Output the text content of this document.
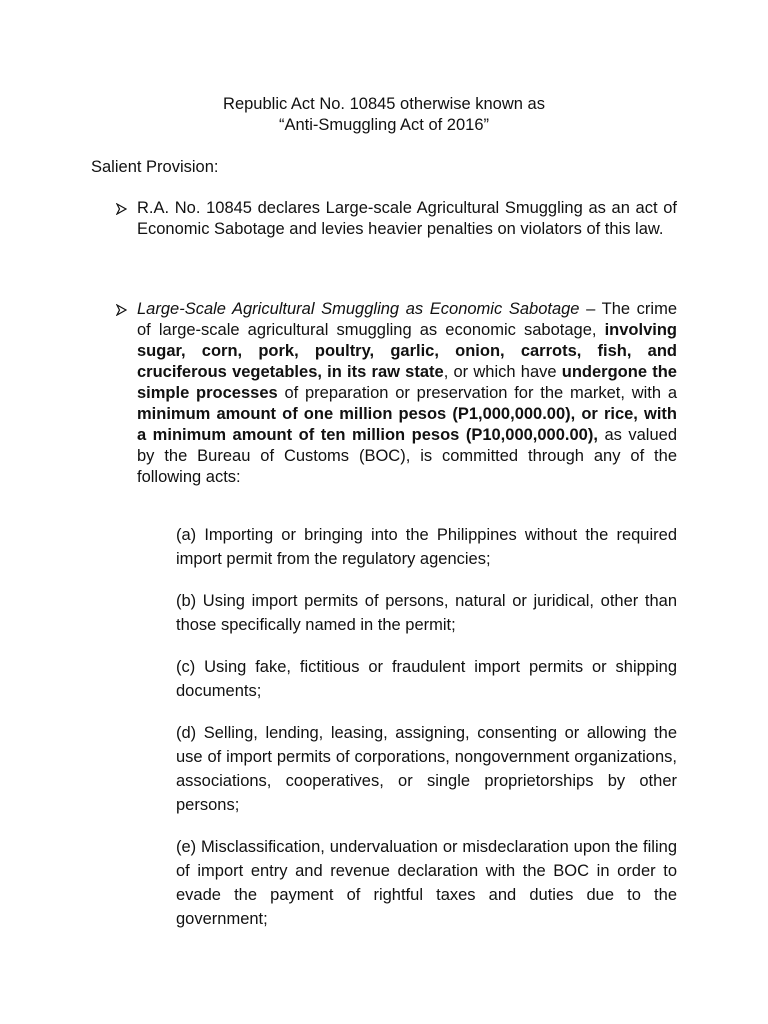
Republic Act No. 10845 otherwise known as
“Anti-Smuggling Act of 2016”
Salient Provision:
R.A. No. 10845 declares Large-scale Agricultural Smuggling as an act of Economic Sabotage and levies heavier penalties on violators of this law.
Large-Scale Agricultural Smuggling as Economic Sabotage – The crime of large-scale agricultural smuggling as economic sabotage, involving sugar, corn, pork, poultry, garlic, onion, carrots, fish, and cruciferous vegetables, in its raw state, or which have undergone the simple processes of preparation or preservation for the market, with a minimum amount of one million pesos (P1,000,000.00), or rice, with a minimum amount of ten million pesos (P10,000,000.00), as valued by the Bureau of Customs (BOC), is committed through any of the following acts:
(a) Importing or bringing into the Philippines without the required import permit from the regulatory agencies;
(b) Using import permits of persons, natural or juridical, other than those specifically named in the permit;
(c) Using fake, fictitious or fraudulent import permits or shipping documents;
(d) Selling, lending, leasing, assigning, consenting or allowing the use of import permits of corporations, nongovernment organizations, associations, cooperatives, or single proprietorships by other persons;
(e) Misclassification, undervaluation or misdeclaration upon the filing of import entry and revenue declaration with the BOC in order to evade the payment of rightful taxes and duties due to the government;
